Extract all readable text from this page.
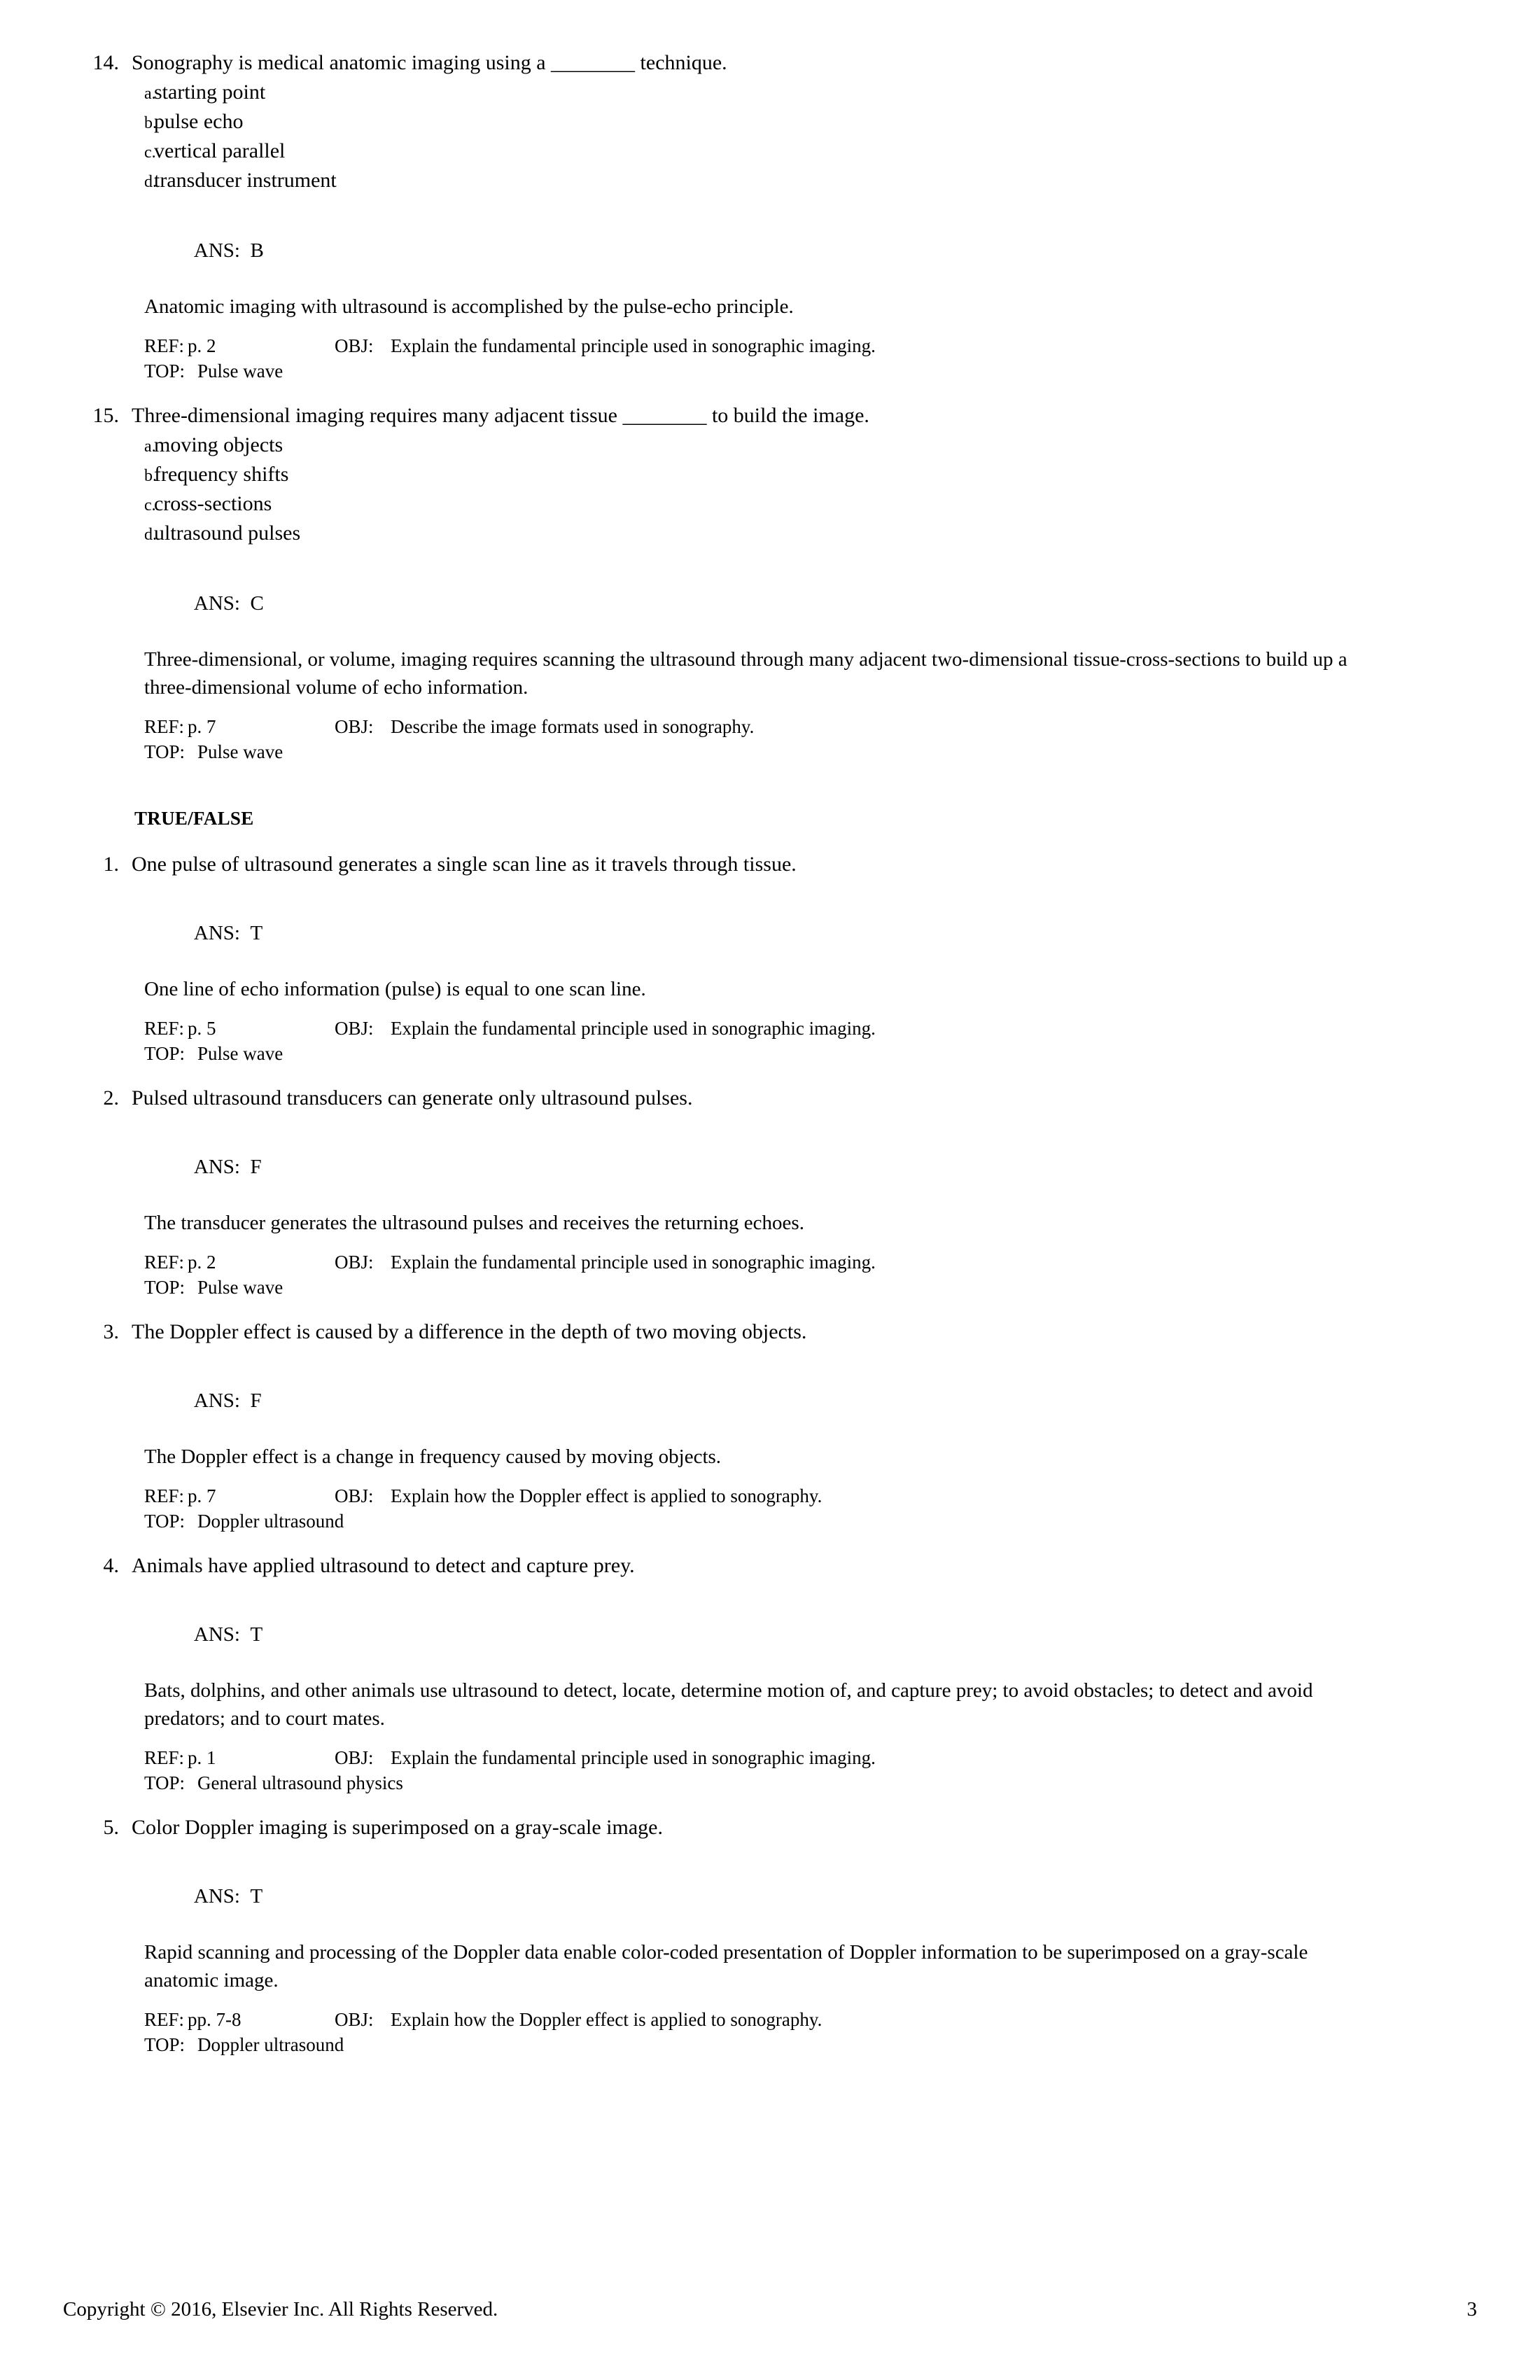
14. Sonography is medical anatomic imaging using a ________ technique.
a.
starting point
b.
pulse echo
c.
vertical parallel
d.
transducer instrument

ANS: B

Anatomic imaging with ultrasound is accomplished by the pulse-echo principle.
REF: p. 2	OBJ: Explain the fundamental principle used in sonographic imaging.
TOP: Pulse wave
15. Three-dimensional imaging requires many adjacent tissue ________ to build the image.
a.
moving objects
b.
frequency shifts
c.
cross-sections
d.
ultrasound pulses

ANS: C

Three-dimensional, or volume, imaging requires scanning the ultrasound through many adjacent two-dimensional tissue-cross-sections to build up a three-dimensional volume of echo information.
REF: p. 7	OBJ: Describe the image formats used in sonography.
TOP: Pulse wave
TRUE/FALSE
1. One pulse of ultrasound generates a single scan line as it travels through tissue.

ANS: T

One line of echo information (pulse) is equal to one scan line.
REF: p. 5	OBJ: Explain the fundamental principle used in sonographic imaging.
TOP: Pulse wave
2. Pulsed ultrasound transducers can generate only ultrasound pulses.

ANS: F

The transducer generates the ultrasound pulses and receives the returning echoes.
REF: p. 2	OBJ: Explain the fundamental principle used in sonographic imaging.
TOP: Pulse wave
3. The Doppler effect is caused by a difference in the depth of two moving objects.

ANS: F

The Doppler effect is a change in frequency caused by moving objects.
REF: p. 7	OBJ: Explain how the Doppler effect is applied to sonography.
TOP: Doppler ultrasound
4. Animals have applied ultrasound to detect and capture prey.

ANS: T

Bats, dolphins, and other animals use ultrasound to detect, locate, determine motion of, and capture prey; to avoid obstacles; to detect and avoid predators; and to court mates.
REF: p. 1	OBJ: Explain the fundamental principle used in sonographic imaging.
TOP: General ultrasound physics
5. Color Doppler imaging is superimposed on a gray-scale image.

ANS: T

Rapid scanning and processing of the Doppler data enable color-coded presentation of Doppler information to be superimposed on a gray-scale anatomic image.
REF: pp. 7-8	OBJ: Explain how the Doppler effect is applied to sonography.
TOP: Doppler ultrasound
Copyright © 2016, Elsevier Inc. All Rights Reserved.	3
